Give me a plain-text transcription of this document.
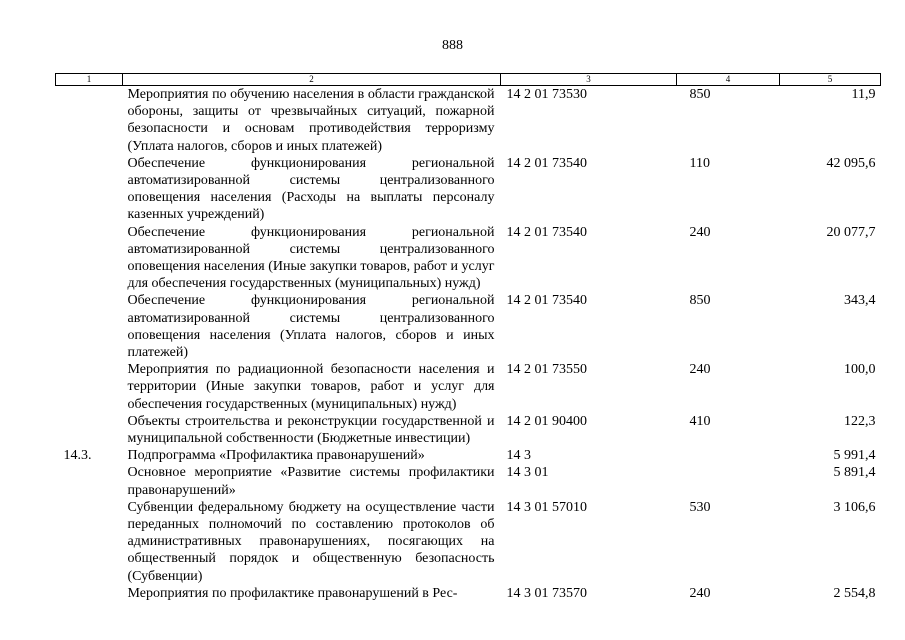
888
1	2	3	4	5
	Мероприятия по обучению населения в области гражданской обороны, защиты от чрезвычайных ситуаций, пожарной безопасности и основам противодействия терроризму (Уплата налогов, сборов и иных платежей)	14 2 01 73530	850	11,9
	Обеспечение функционирования региональной автоматизированной системы централизованного оповещения населения (Расходы на выплаты персоналу казенных учреждений)	14 2 01 73540	110	42 095,6
	Обеспечение функционирования региональной автоматизированной системы централизованного оповещения населения (Иные закупки товаров, работ и услуг для обеспечения государственных (муниципальных) нужд)	14 2 01 73540	240	20 077,7
	Обеспечение функционирования региональной автоматизированной системы централизованного оповещения населения (Уплата налогов, сборов и иных платежей)	14 2 01 73540	850	343,4
	Мероприятия по радиационной безопасности населения и территории (Иные закупки товаров, работ и услуг для обеспечения государственных (муниципальных) нужд)	14 2 01 73550	240	100,0
	Объекты строительства и реконструкции государственной и муниципальной собственности (Бюджетные инвестиции)	14 2 01 90400	410	122,3
14.3.	Подпрограмма «Профилактика правонарушений»	14 3		5 991,4
	Основное мероприятие «Развитие системы профилактики правонарушений»	14 3 01		5 891,4
	Субвенции федеральному бюджету на осуществление части переданных полномочий по составлению протоколов об административных правонарушениях, посягающих на общественный порядок и общественную безопасность (Субвенции)	14 3 01 57010	530	3 106,6
	Мероприятия по профилактике правонарушений в Рес-	14 3 01 73570	240	2 554,8
